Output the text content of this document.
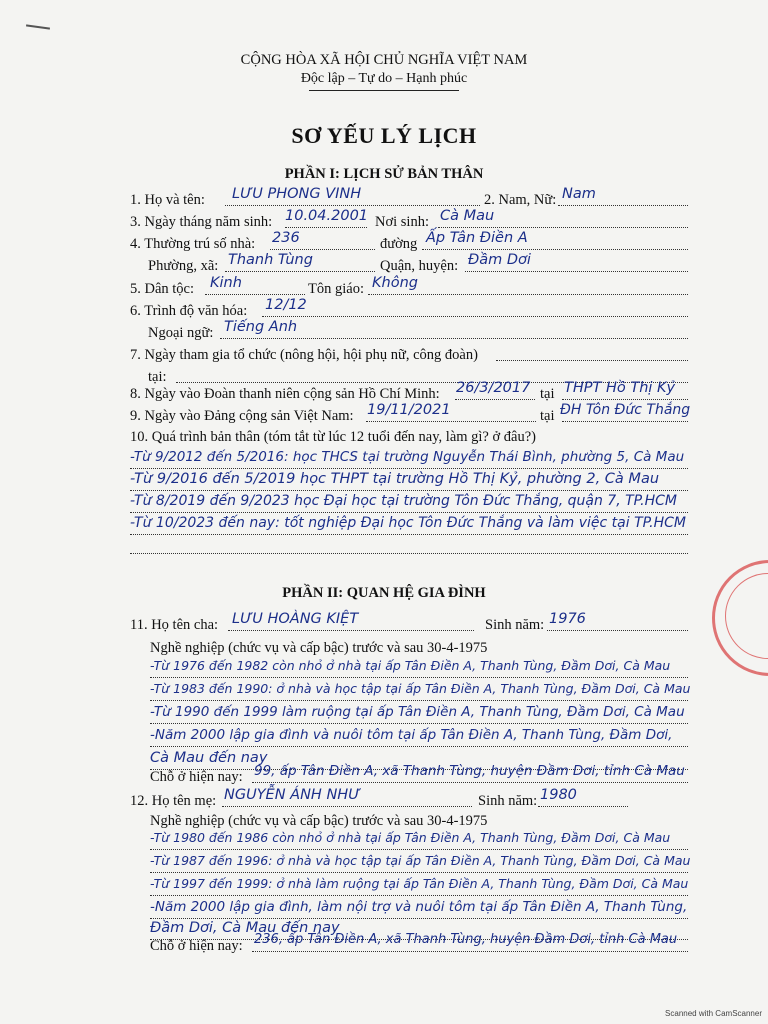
CỘNG HÒA XÃ HỘI CHỦ NGHĨA VIỆT NAM
Độc lập – Tự do – Hạnh phúc
SƠ YẾU LÝ LỊCH
PHẦN I: LỊCH SỬ BẢN THÂN
1. Họ và tên: LƯU PHONG VINH	2. Nam, Nữ: Nam
3. Ngày tháng năm sinh: 10.04.2001 Nơi sinh: Cà Mau
4. Thường trú số nhà: 236	đường Ấp Tân Điền A
Phường, xã: Thanh Tùng	Quận, huyện: Đầm Dơi
5. Dân tộc: Kinh	Tôn giáo: Không
6. Trình độ văn hóa: 12/12
Ngoại ngữ: Tiếng Anh
7. Ngày tham gia tổ chức (nông hội, hội phụ nữ, công đoàn)
tại:
8. Ngày vào Đoàn thanh niên cộng sản Hồ Chí Minh: 26/3/2017 tại THPT Hồ Thị Kỷ
9. Ngày vào Đảng cộng sản Việt Nam: 19/11/2021	tại ĐH Tôn Đức Thắng
10. Quá trình bản thân (tóm tắt từ lúc 12 tuổi đến nay, làm gì? ở đâu?)
-Từ 9/2012 đến 5/2016: học THCS tại trường Nguyễn Thái Bình, phường 5, Cà Mau
-Từ 9/2016 đến 5/2019 học THPT tại trường Hồ Thị Kỷ, phường 2, Cà Mau
-Từ 8/2019 đến 9/2023 học Đại học tại trường Tôn Đức Thắng, quận 7, TP.HCM
-Từ 10/2023 đến nay: tốt nghiệp Đại học Tôn Đức Thắng và làm việc tại TP.HCM
PHẦN II: QUAN HỆ GIA ĐÌNH
11. Họ tên cha: LƯU HOÀNG KIỆT	Sinh năm: 1976
Nghề nghiệp (chức vụ và cấp bậc) trước và sau 30-4-1975
-Từ 1976 đến 1982 còn nhỏ ở nhà tại ấp Tân Điền A, Thanh Tùng, Đầm Dơi, Cà Mau
-Từ 1983 đến 1990: ở nhà và học tập tại ấp Tân Điền A, Thanh Tùng, Đầm Dơi, Cà Mau
-Từ 1990 đến 1999 làm ruộng tại ấp Tân Điền A, Thanh Tùng, Đầm Dơi, Cà Mau
-Năm 2000 lập gia đình và nuôi tôm tại ấp Tân Điền A, Thanh Tùng, Đầm Dơi,
Cà Mau đến nay
Chỗ ở hiện nay: 99, ấp Tân Điền A, xã Thanh Tùng, huyện Đầm Dơi, tỉnh Cà Mau
12. Họ tên mẹ: NGUYỄN ÁNH NHƯ	Sinh năm: 1980
Nghề nghiệp (chức vụ và cấp bậc) trước và sau 30-4-1975
-Từ 1980 đến 1986 còn nhỏ ở nhà tại ấp Tân Điền A, Thanh Tùng, Đầm Dơi, Cà Mau
-Từ 1987 đến 1996: ở nhà và học tập tại ấp Tân Điền A, Thanh Tùng, Đầm Dơi, Cà Mau
-Từ 1997 đến 1999: ở nhà làm ruộng tại ấp Tân Điền A, Thanh Tùng, Đầm Dơi, Cà Mau
-Năm 2000 lập gia đình, làm nội trợ và nuôi tôm tại ấp Tân Điền A, Thanh Tùng,
Đầm Dơi, Cà Mau đến nay
Chỗ ở hiện nay: 236, ấp Tân Điền A, xã Thanh Tùng, huyện Đầm Dơi, tỉnh Cà Mau
Scanned with CamScanner
